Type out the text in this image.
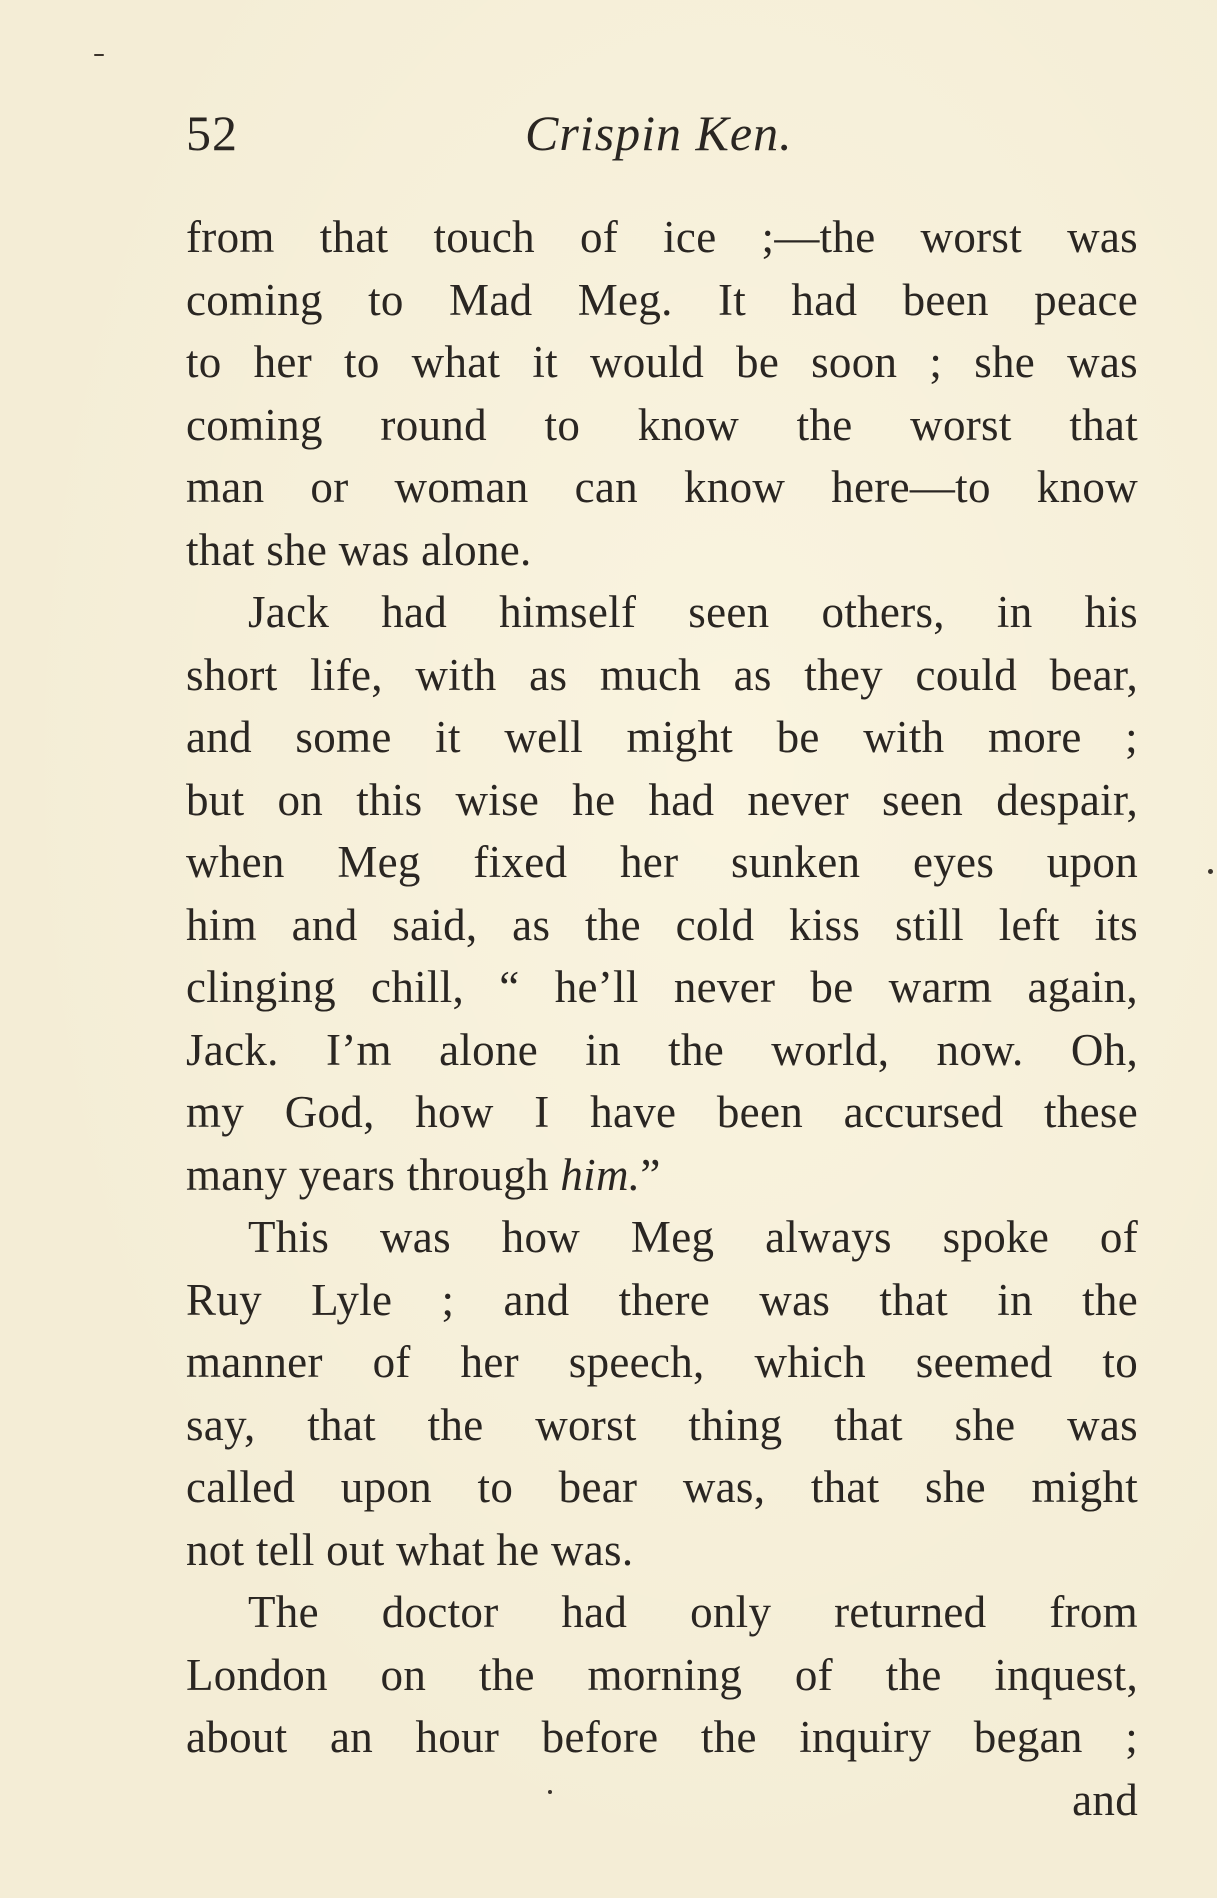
52	Crispin Ken.
from that touch of ice ;—the worst was
coming to Mad Meg. It had been peace
to her to what it would be soon ; she was
coming round to know the worst that
man or woman can know here—to know
that she was alone.
Jack had himself seen others, in his
short life, with as much as they could bear,
and some it well might be with more ;
but on this wise he had never seen despair,
when Meg fixed her sunken eyes upon
him and said, as the cold kiss still left its
clinging chill, “ he’ll never be warm again,
Jack. I’m alone in the world, now. Oh,
my God, how I have been accursed these
many years through him.”
This was how Meg always spoke of
Ruy Lyle ; and there was that in the
manner of her speech, which seemed to
say, that the worst thing that she was
called upon to bear was, that she might
not tell out what he was.
The doctor had only returned from
London on the morning of the inquest,
about an hour before the inquiry began ;
and
